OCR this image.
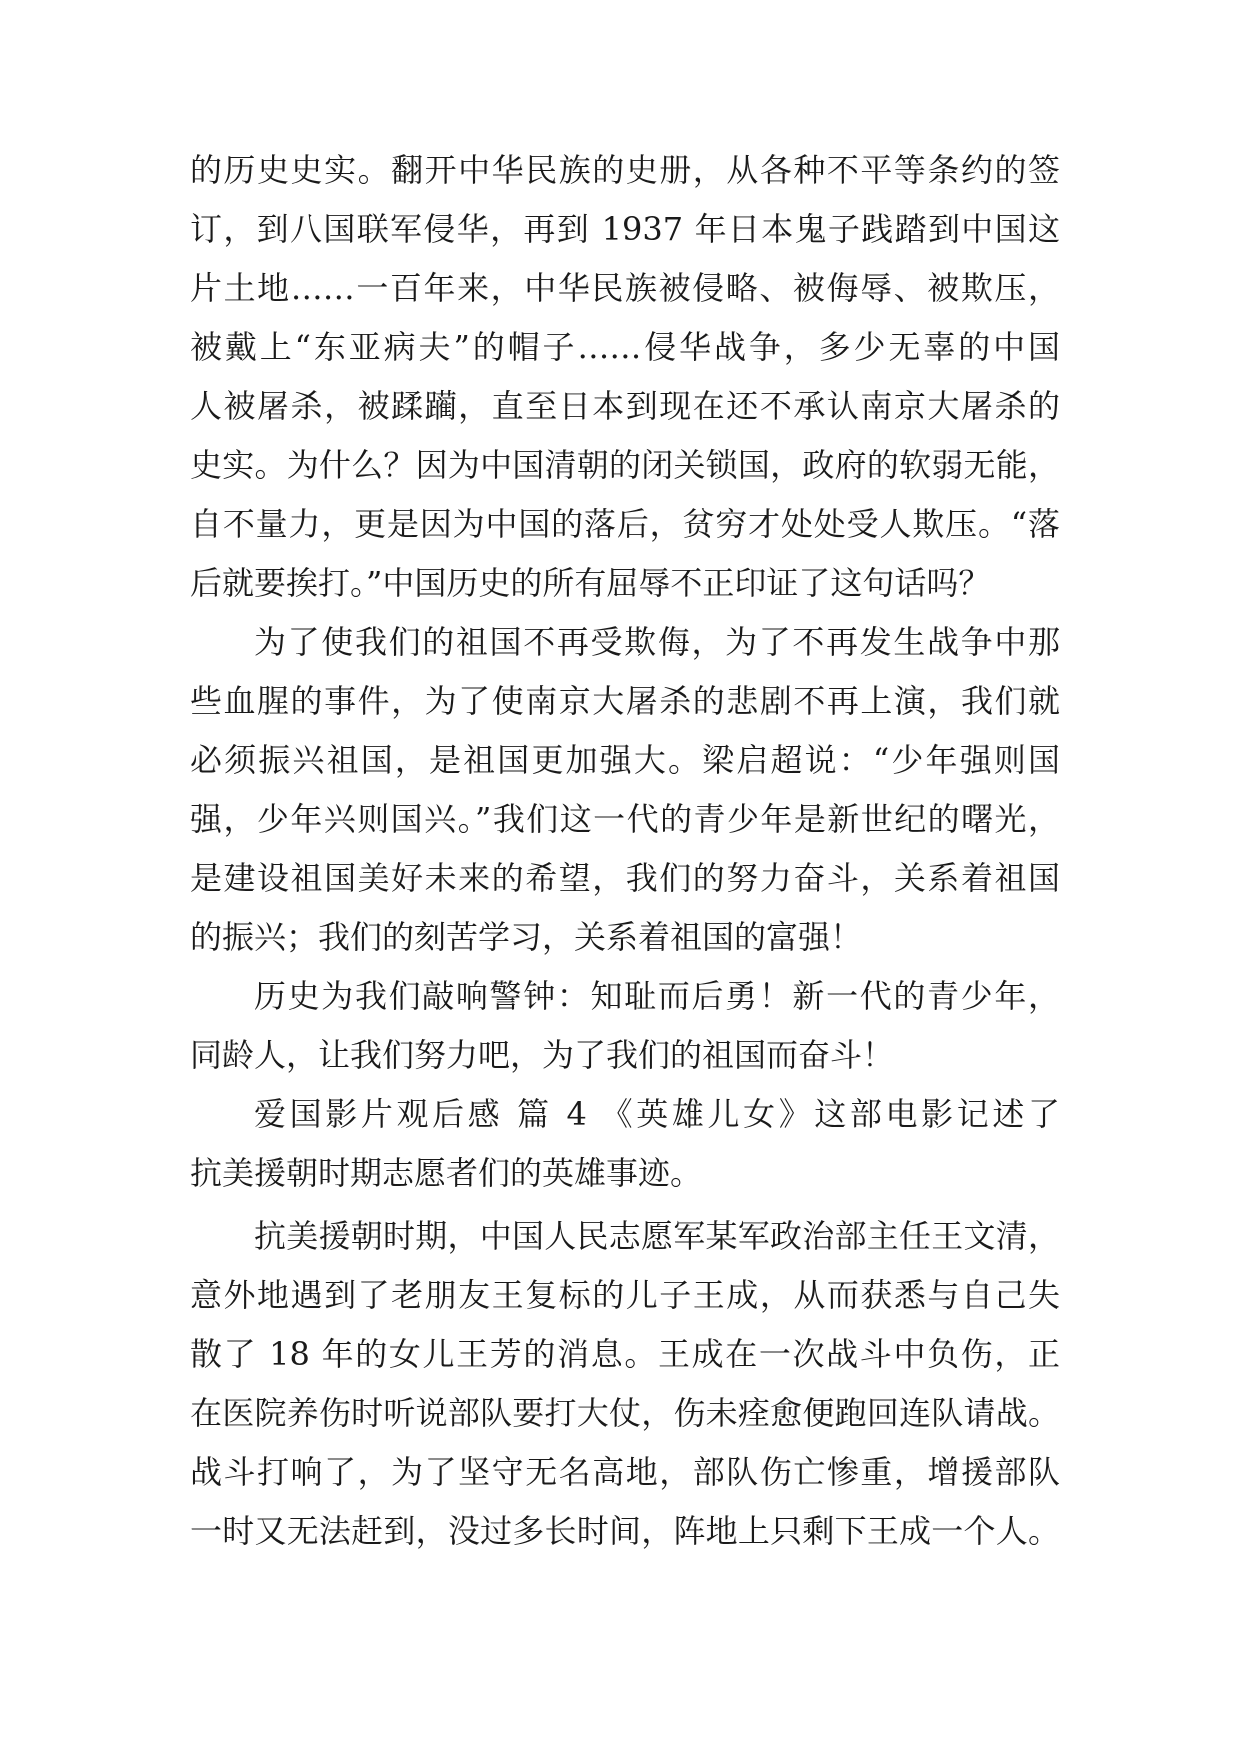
的历史史实。翻开中华民族的史册，从各种不平等条约的签
订，到八国联军侵华，再到 1937 年日本鬼子践踏到中国这
片土地……一百年来，中华民族被侵略、被侮辱、被欺压，
被戴上“东亚病夫”的帽子……侵华战争，多少无辜的中国
人被屠杀，被蹂躏，直至日本到现在还不承认南京大屠杀的
史实。为什么？因为中国清朝的闭关锁国，政府的软弱无能，
自不量力，更是因为中国的落后，贫穷才处处受人欺压。“落
后就要挨打。”中国历史的所有屈辱不正印证了这句话吗？
为了使我们的祖国不再受欺侮，为了不再发生战争中那
些血腥的事件，为了使南京大屠杀的悲剧不再上演，我们就
必须振兴祖国，是祖国更加强大。梁启超说：“少年强则国
强，少年兴则国兴。”我们这一代的青少年是新世纪的曙光，
是建设祖国美好未来的希望，我们的努力奋斗，关系着祖国
的振兴；我们的刻苦学习，关系着祖国的富强！
历史为我们敲响警钟：知耻而后勇！新一代的青少年，
同龄人，让我们努力吧，为了我们的祖国而奋斗！
爱国影片观后感 篇 4 《英雄儿女》这部电影记述了
抗美援朝时期志愿者们的英雄事迹。
抗美援朝时期，中国人民志愿军某军政治部主任王文清，
意外地遇到了老朋友王复标的儿子王成，从而获悉与自己失
散了 18 年的女儿王芳的消息。王成在一次战斗中负伤，正
在医院养伤时听说部队要打大仗，伤未痊愈便跑回连队请战。
战斗打响了，为了坚守无名高地，部队伤亡惨重，增援部队
一时又无法赶到，没过多长时间，阵地上只剩下王成一个人。
